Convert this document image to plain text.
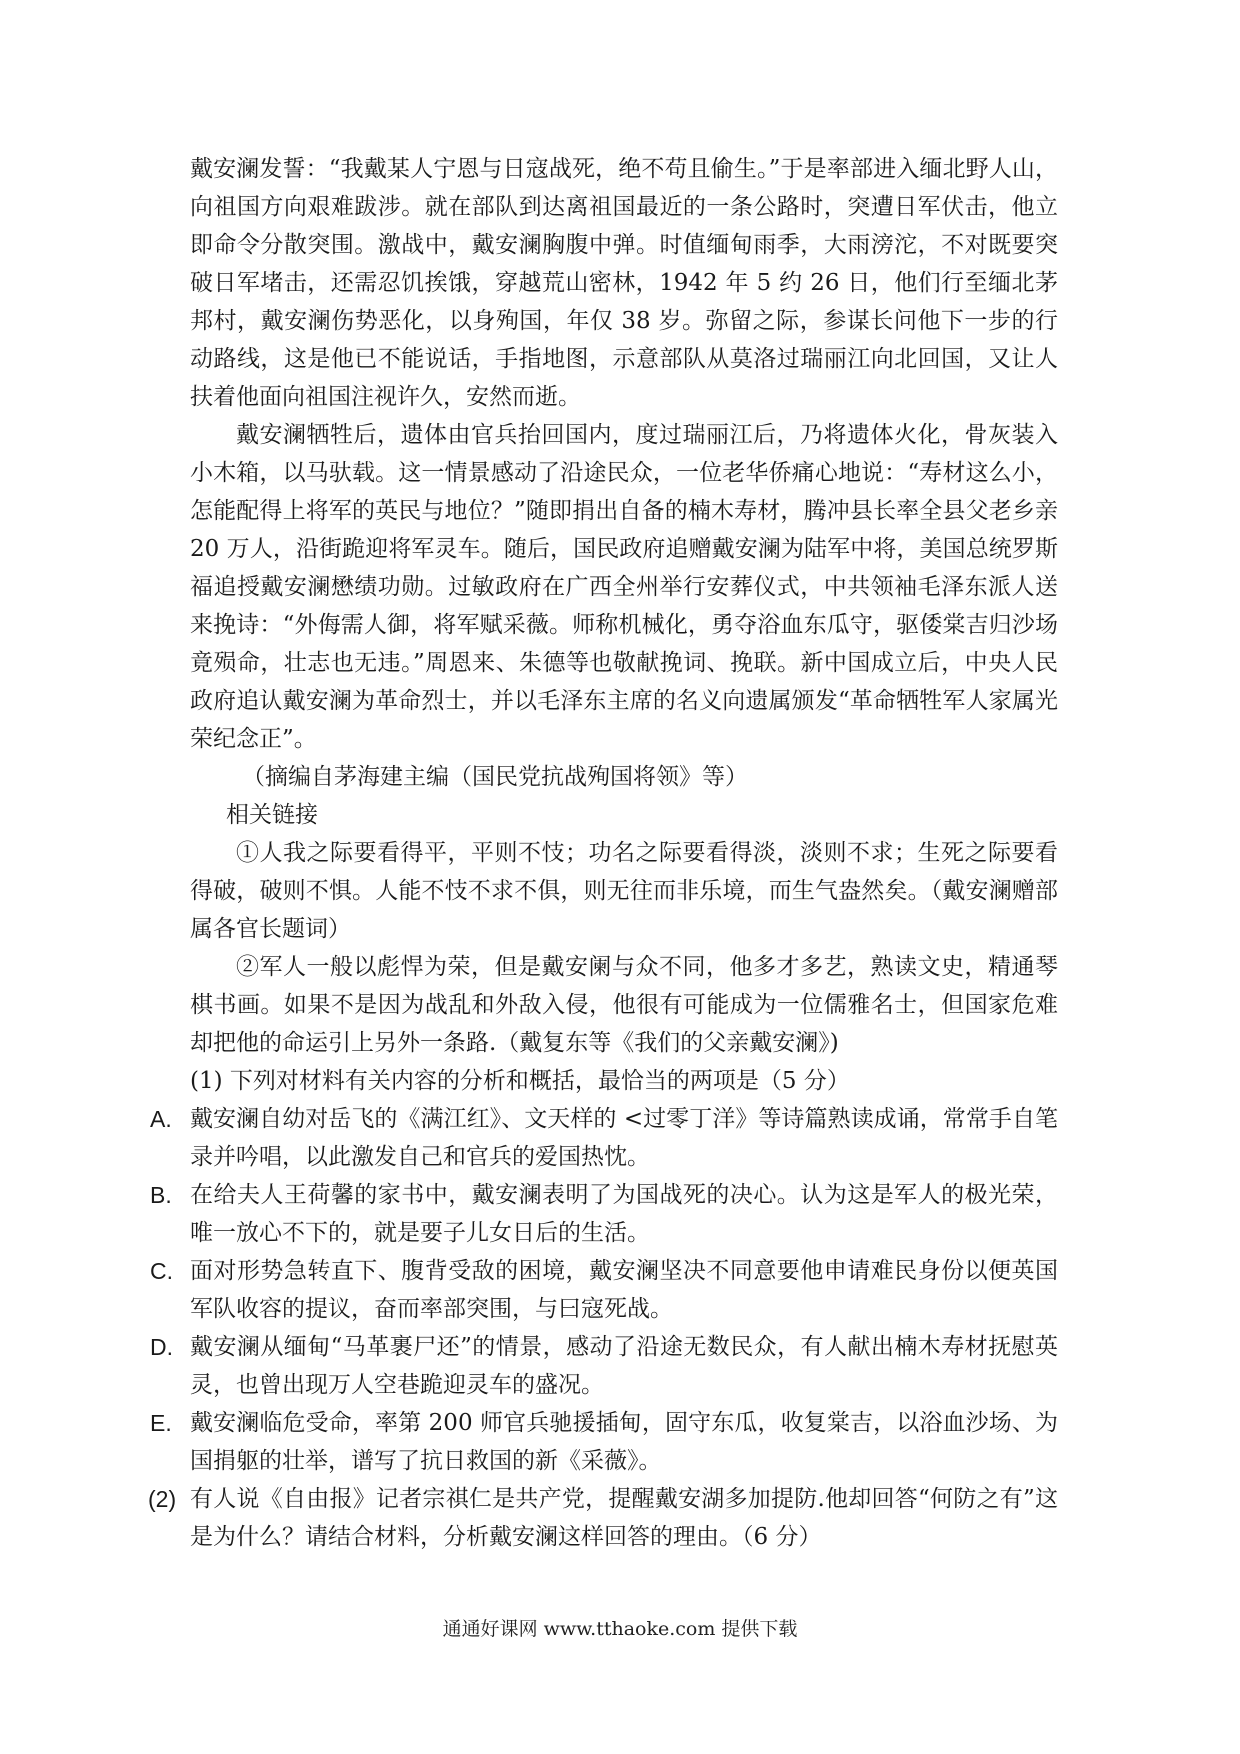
戴安澜发誓：“我戴某人宁恩与日寇战死，绝不苟且偷生。”于是率部进入缅北野人山，向祖国方向艰难跋涉。就在部队到达离祖国最近的一条公路时，突遭日军伏击，他立即命令分散突围。激战中，戴安澜胸腹中弹。时值缅甸雨季，大雨滂沱，不对既要突破日军堵击，还需忍饥挨饿，穿越荒山密林，1942 年 5 约 26 日，他们行至缅北茅邦村，戴安澜伤势恶化，以身殉国，年仅 38 岁。弥留之际，参谋长问他下一步的行动路线，这是他已不能说话，手指地图，示意部队从莫洛过瑞丽江向北回国，又让人扶着他面向祖国注视许久，安然而逝。

戴安澜牺牲后，遗体由官兵抬回国内，度过瑞丽江后，乃将遗体火化，骨灰装入小木箱，以马驮载。这一情景感动了沿途民众，一位老华侨痛心地说：“寿材这么小，怎能配得上将军的英民与地位？”随即捐出自备的楠木寿材，腾冲县长率全县父老乡亲 20 万人，沿街跪迎将军灵车。随后，国民政府追赠戴安澜为陆军中将，美国总统罗斯福追授戴安澜懋绩功勋。过敏政府在广西全州举行安葬仪式，中共领袖毛泽东派人送来挽诗：“外侮需人御，将军赋采薇。师称机械化，勇夺浴血东瓜守，驱倭棠吉归沙场竟殒命，壮志也无违。”周恩来、朱德等也敬献挽词、挽联。新中国成立后，中央人民政府追认戴安澜为革命烈士，并以毛泽东主席的名义向遗属颁发“革命牺牲军人家属光荣纪念正”。

（摘编自茅海建主编（国民党抗战殉国将领》等）

相关链接

①人我之际要看得平，平则不忮；功名之际要看得淡，淡则不求；生死之际要看得破，破则不惧。人能不忮不求不俱，则无往而非乐境，而生气盎然矣。（戴安澜赠部属各官长题词）

②军人一般以彪悍为荣，但是戴安阑与众不同，他多才多艺，熟读文史，精通琴棋书画。如果不是因为战乱和外敌入侵，他很有可能成为一位儒雅名士，但国家危难却把他的命运引上另外一条路.（戴复东等《我们的父亲戴安澜》)

(1) 下列对材料有关内容的分析和概括，最恰当的两项是（5 分）

A. 戴安澜自幼对岳飞的《满江红》、文天样的 <过零丁洋》等诗篇熟读成诵，常常手自笔录并吟唱，以此激发自己和官兵的爱国热忱。

B. 在给夫人王荷馨的家书中，戴安澜表明了为国战死的决心。认为这是军人的极光荣，唯一放心不下的，就是要子儿女日后的生活。

C. 面对形势急转直下、腹背受敌的困境，戴安澜坚决不同意要他申请难民身份以便英国军队收容的提议，奋而率部突围，与曰寇死战。

D. 戴安澜从缅甸“马革裹尸还”的情景，感动了沿途无数民众，有人献出楠木寿材抚慰英灵，也曾出现万人空巷跪迎灵车的盛况。

E. 戴安澜临危受命，率第 200 师官兵驰援插甸，固守东瓜，收复棠吉，以浴血沙场、为国捐躯的壮举，谱写了抗日救国的新《采薇》。

(2) 有人说《自由报》记者宗祺仁是共产党，提醒戴安湖多加提防.他却回答“何防之有”这是为什么？请结合材料，分析戴安澜这样回答的理由。（6 分）

通通好课网 www.tthaoke.com 提供下载
